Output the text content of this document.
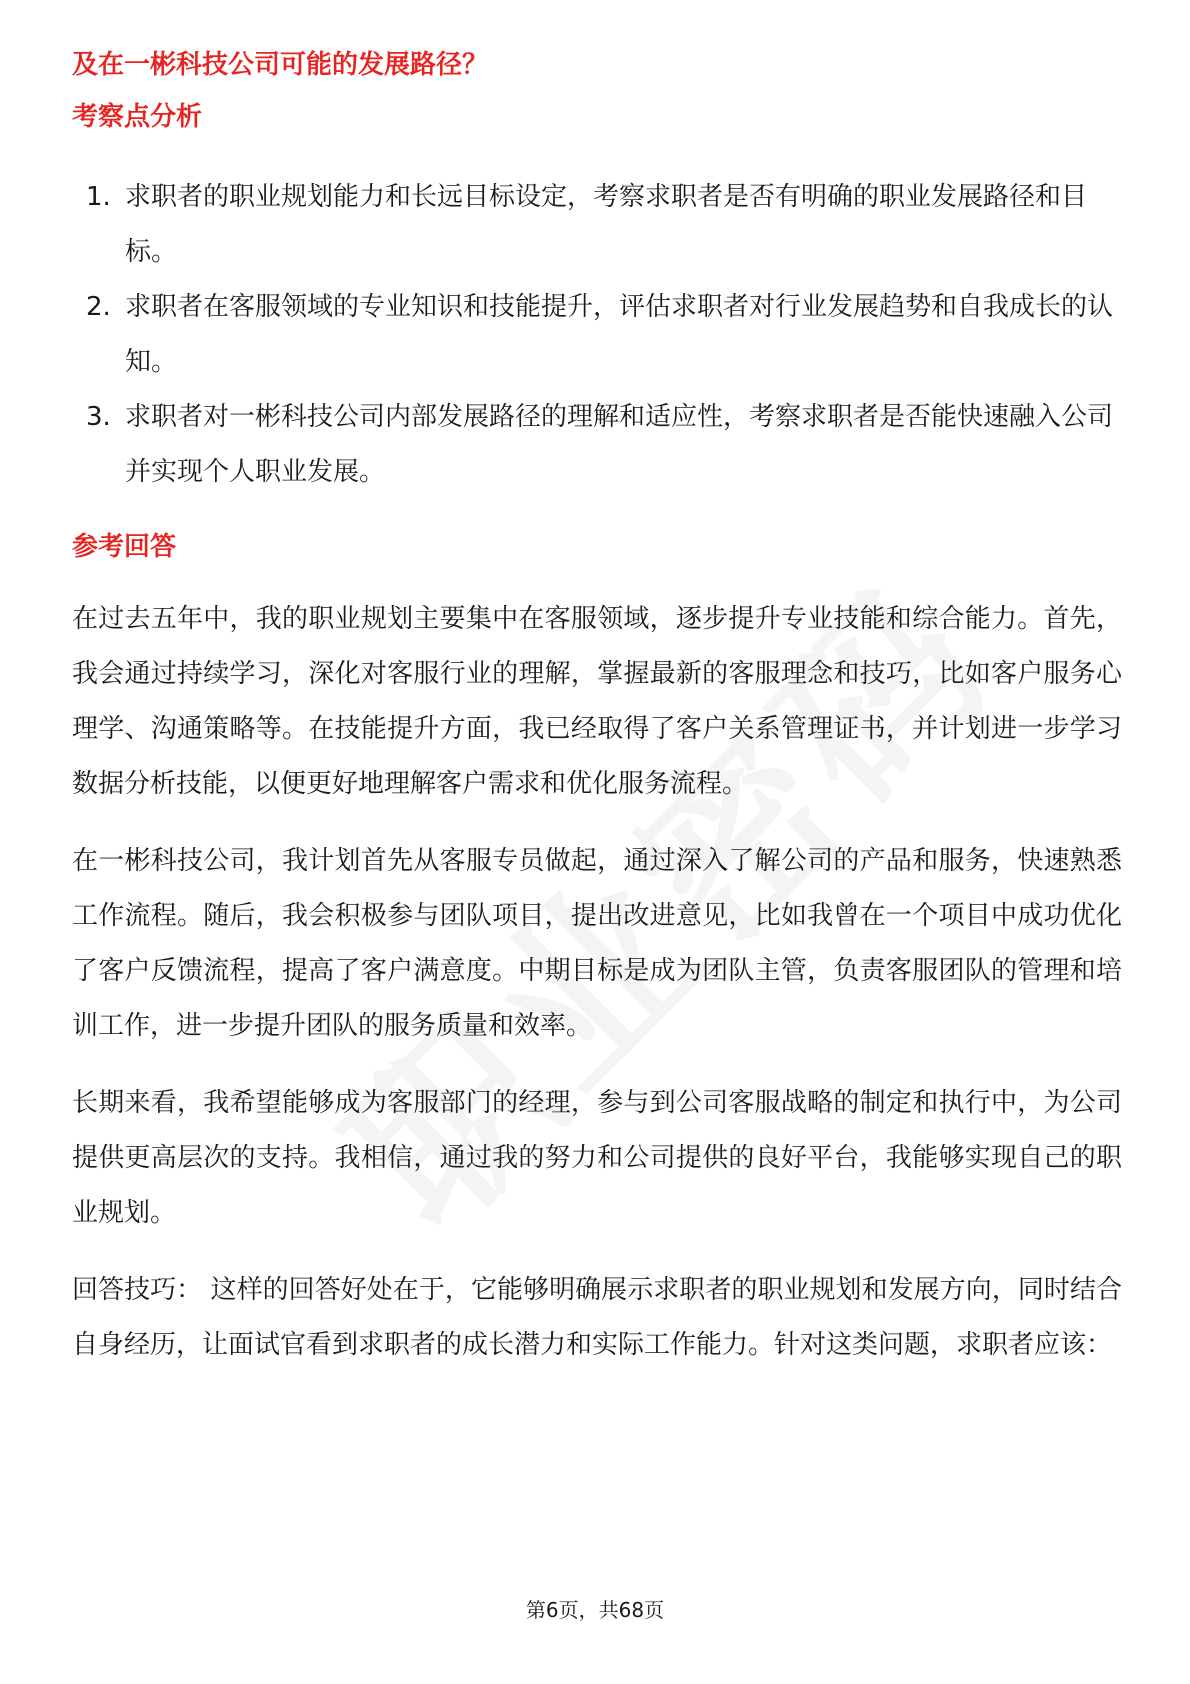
及在一彬科技公司可能的发展路径？

考察点分析

1. 求职者的职业规划能力和长远目标设定，考察求职者是否有明确的职业发展路径和目标。
2. 求职者在客服领域的专业知识和技能提升，评估求职者对行业发展趋势和自我成长的认知。
3. 求职者对一彬科技公司内部发展路径的理解和适应性，考察求职者是否能快速融入公司并实现个人职业发展。

参考回答

在过去五年中，我的职业规划主要集中在客服领域，逐步提升专业技能和综合能力。首先，我会通过持续学习，深化对客服行业的理解，掌握最新的客服理念和技巧，比如客户服务心理学、沟通策略等。在技能提升方面，我已经取得了客户关系管理证书，并计划进一步学习数据分析技能，以便更好地理解客户需求和优化服务流程。

在一彬科技公司，我计划首先从客服专员做起，通过深入了解公司的产品和服务，快速熟悉工作流程。随后，我会积极参与团队项目，提出改进意见，比如我曾在一个项目中成功优化了客户反馈流程，提高了客户满意度。中期目标是成为团队主管，负责客服团队的管理和培训工作，进一步提升团队的服务质量和效率。

长期来看，我希望能够成为客服部门的经理，参与到公司客服战略的制定和执行中，为公司提供更高层次的支持。我相信，通过我的努力和公司提供的良好平台，我能够实现自己的职业规划。

回答技巧： 这样的回答好处在于，它能够明确展示求职者的职业规划和发展方向，同时结合自身经历，让面试官看到求职者的成长潜力和实际工作能力。针对这类问题，求职者应该：

第6页，共68页
